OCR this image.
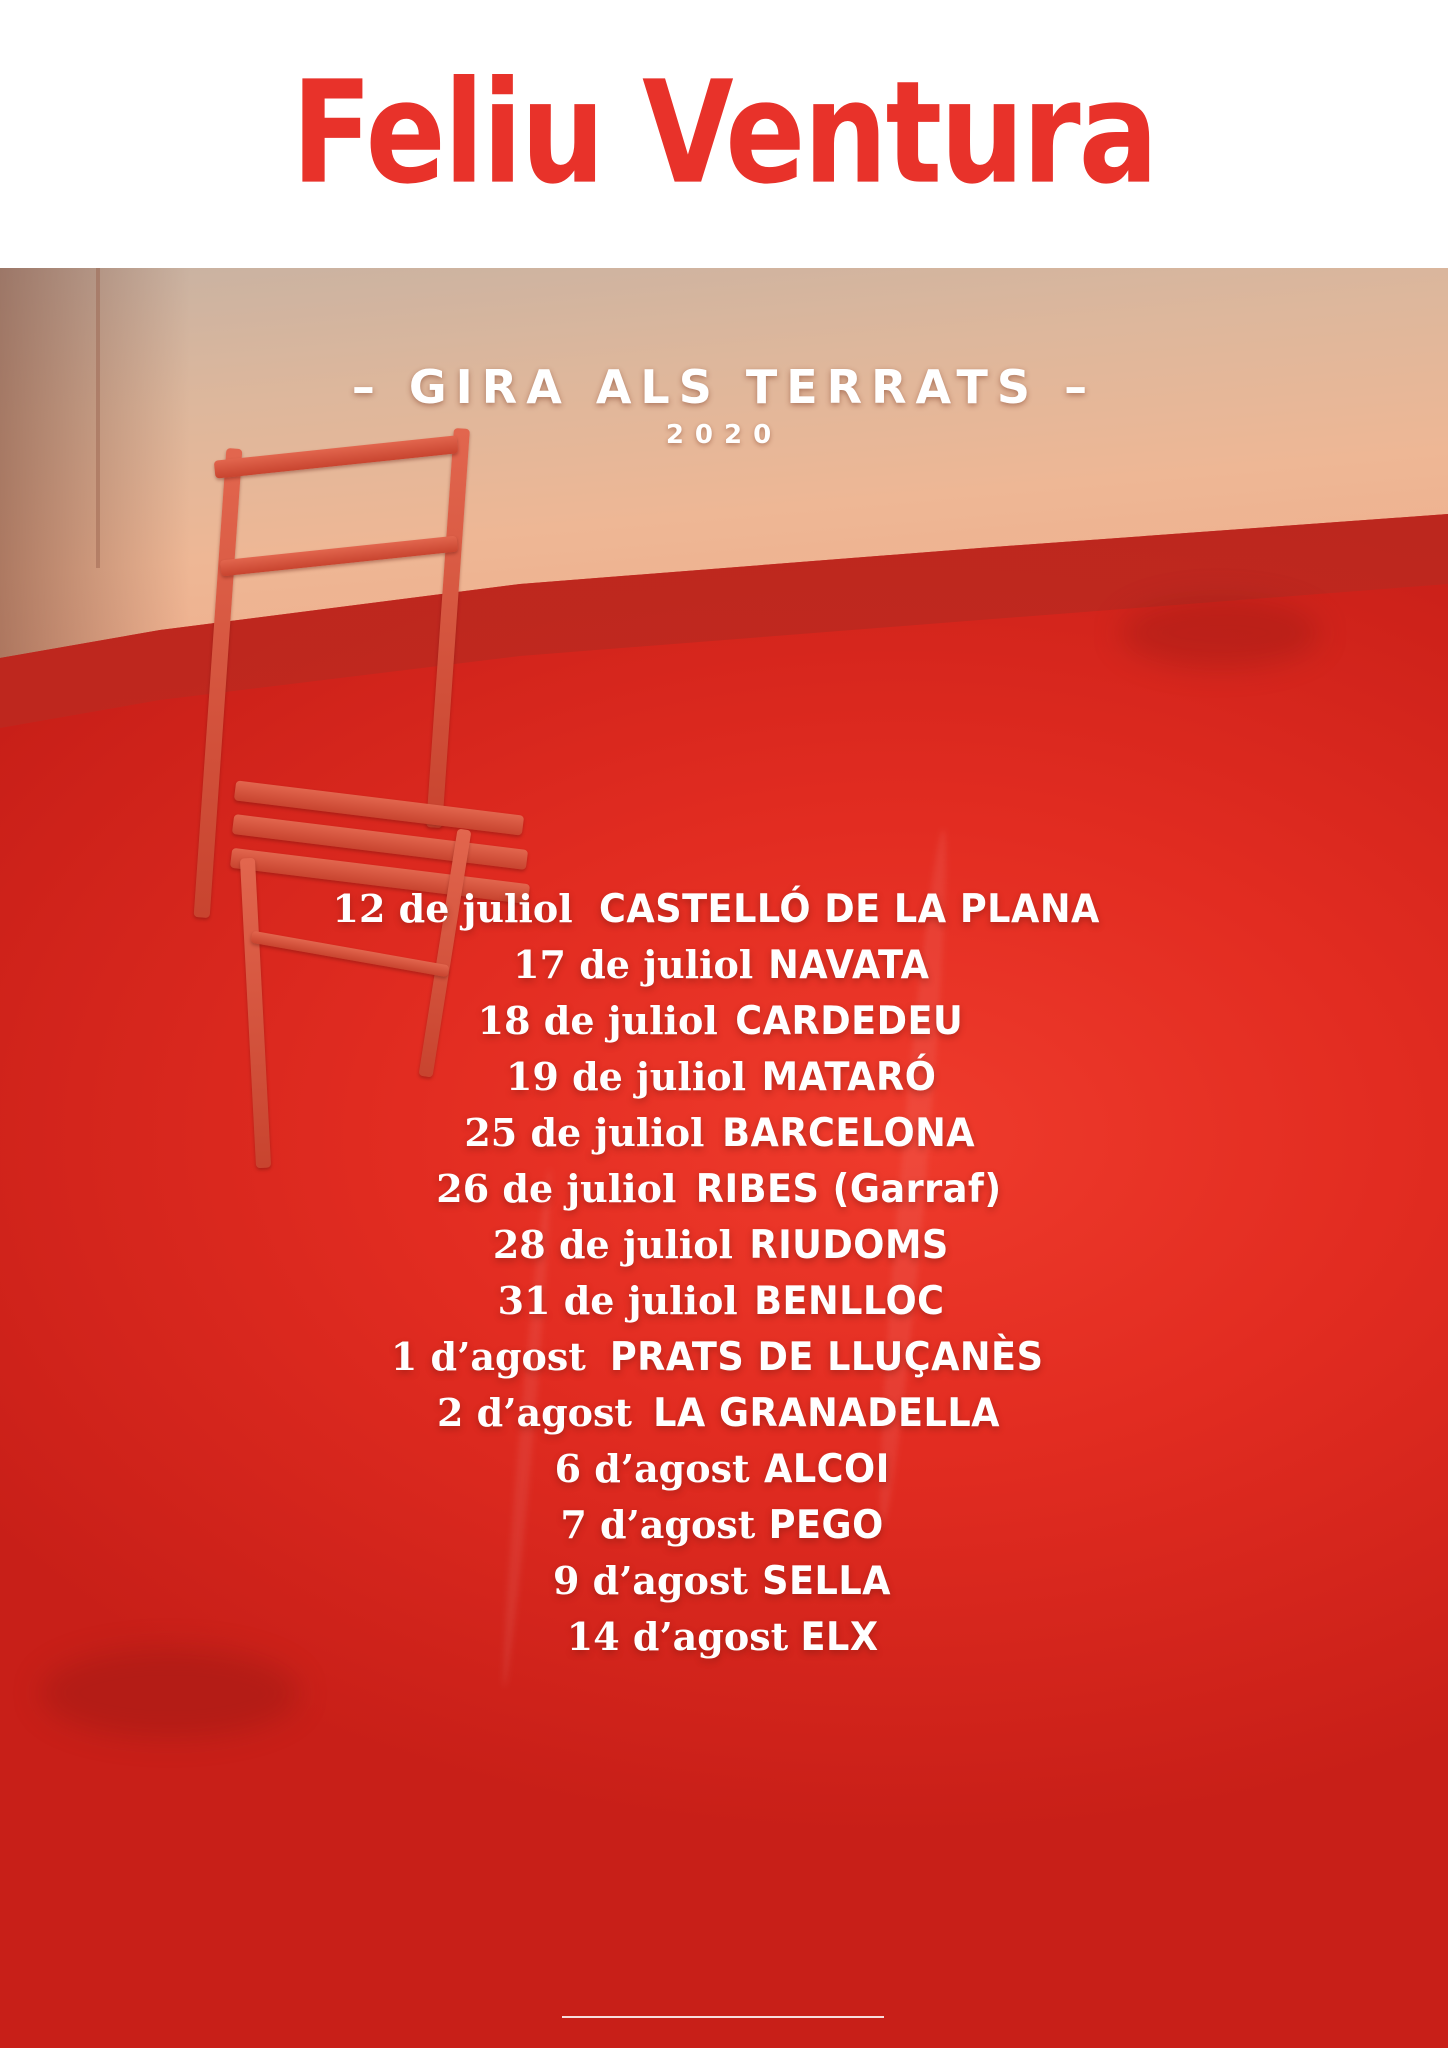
Feliu Ventura
– GIRA ALS TERRATS –
2020
12 de juliol CASTELLÓ DE LA PLANA
17 de juliol NAVATA
18 de juliol CARDEDEU
19 de juliol MATARÓ
25 de juliol BARCELONA
26 de juliol RIBES (Garraf)
28 de juliol RIUDOMS
31 de juliol BENLLOC
1 d’agost PRATS DE LLUÇANÈS
2 d’agost LA GRANADELLA
6 d’agost ALCOI
7 d’agost PEGO
9 d’agost SELLA
14 d’agost ELX
